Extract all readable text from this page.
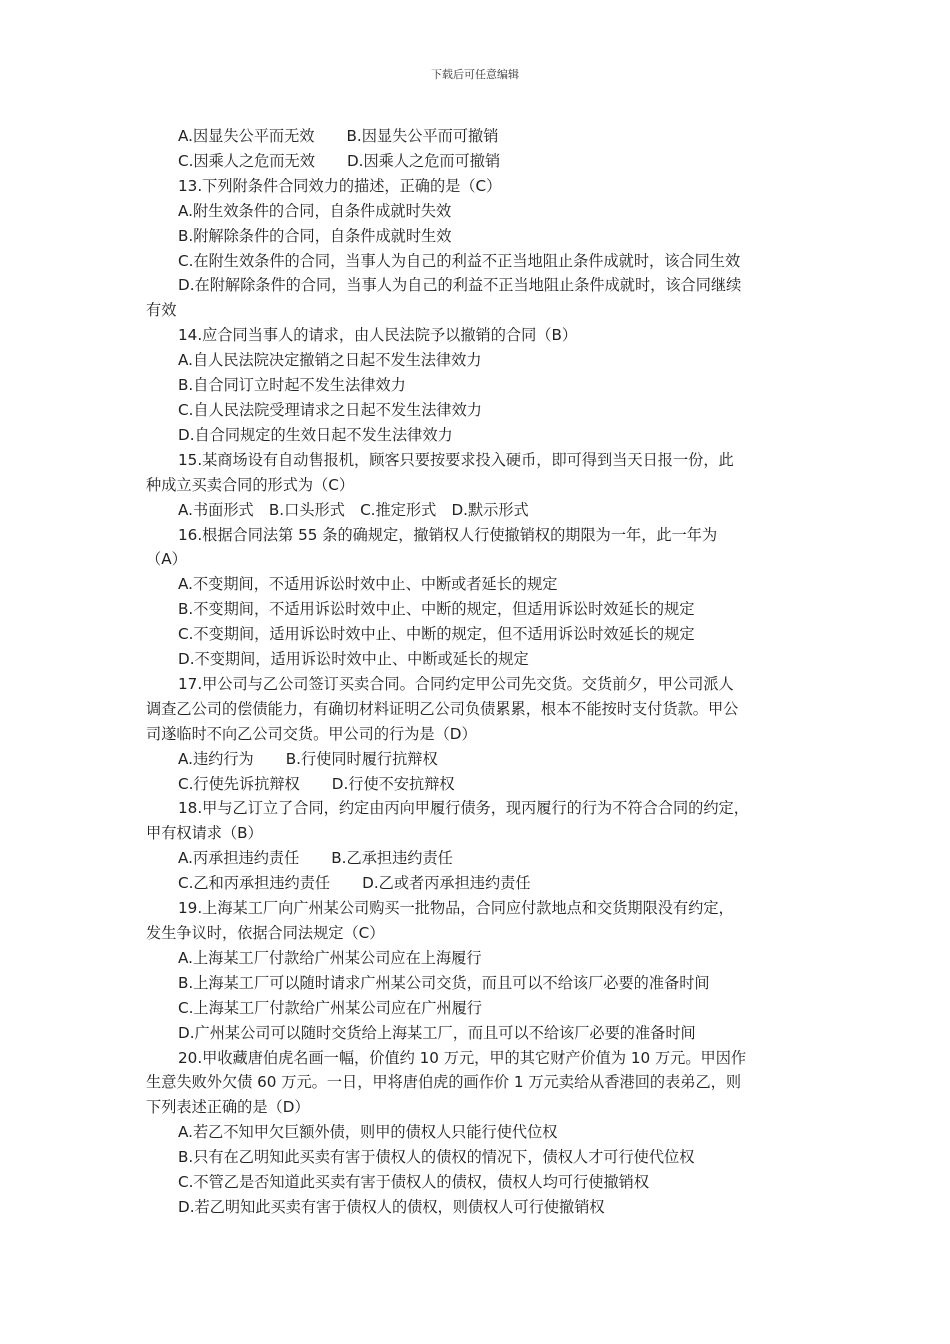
下载后可任意编辑
A.因显失公平而无效 B.因显失公平而可撤销
C.因乘人之危而无效 D.因乘人之危而可撤销
13.下列附条件合同效力的描述，正确的是（C）
A.附生效条件的合同，自条件成就时失效
B.附解除条件的合同，自条件成就时生效
C.在附生效条件的合同，当事人为自己的利益不正当地阻止条件成就时，该合同生效
D.在附解除条件的合同，当事人为自己的利益不正当地阻止条件成就时，该合同继续
有效
14.应合同当事人的请求，由人民法院予以撤销的合同（B）
A.自人民法院决定撤销之日起不发生法律效力
B.自合同订立时起不发生法律效力
C.自人民法院受理请求之日起不发生法律效力
D.自合同规定的生效日起不发生法律效力
15.某商场设有自动售报机，顾客只要按要求投入硬币，即可得到当天日报一份，此
种成立买卖合同的形式为（C）
A.书面形式　B.口头形式　C.推定形式　D.默示形式
16.根据合同法第 55 条的确规定，撤销权人行使撤销权的期限为一年，此一年为
（A）
A.不变期间，不适用诉讼时效中止、中断或者延长的规定
B.不变期间，不适用诉讼时效中止、中断的规定，但适用诉讼时效延长的规定
C.不变期间，适用诉讼时效中止、中断的规定，但不适用诉讼时效延长的规定
D.不变期间，适用诉讼时效中止、中断或延长的规定
17.甲公司与乙公司签订买卖合同。合同约定甲公司先交货。交货前夕，甲公司派人
调查乙公司的偿债能力，有确切材料证明乙公司负债累累，根本不能按时支付货款。甲公
司遂临时不向乙公司交货。甲公司的行为是（D）
A.违约行为 B.行使同时履行抗辩权
C.行使先诉抗辩权 D.行使不安抗辩权
18.甲与乙订立了合同，约定由丙向甲履行债务，现丙履行的行为不符合合同的约定，
甲有权请求（B）
A.丙承担违约责任 B.乙承担违约责任
C.乙和丙承担违约责任 D.乙或者丙承担违约责任
19.上海某工厂向广州某公司购买一批物品，合同应付款地点和交货期限没有约定，
发生争议时，依据合同法规定（C）
A.上海某工厂付款给广州某公司应在上海履行
B.上海某工厂可以随时请求广州某公司交货，而且可以不给该厂必要的准备时间
C.上海某工厂付款给广州某公司应在广州履行
D.广州某公司可以随时交货给上海某工厂，而且可以不给该厂必要的准备时间
20.甲收藏唐伯虎名画一幅，价值约 10 万元，甲的其它财产价值为 10 万元。甲因作
生意失败外欠债 60 万元。一日，甲将唐伯虎的画作价 1 万元卖给从香港回的表弟乙，则
下列表述正确的是（D）
A.若乙不知甲欠巨额外债，则甲的债权人只能行使代位权
B.只有在乙明知此买卖有害于债权人的债权的情况下，债权人才可行使代位权
C.不管乙是否知道此买卖有害于债权人的债权，债权人均可行使撤销权
D.若乙明知此买卖有害于债权人的债权，则债权人可行使撤销权
